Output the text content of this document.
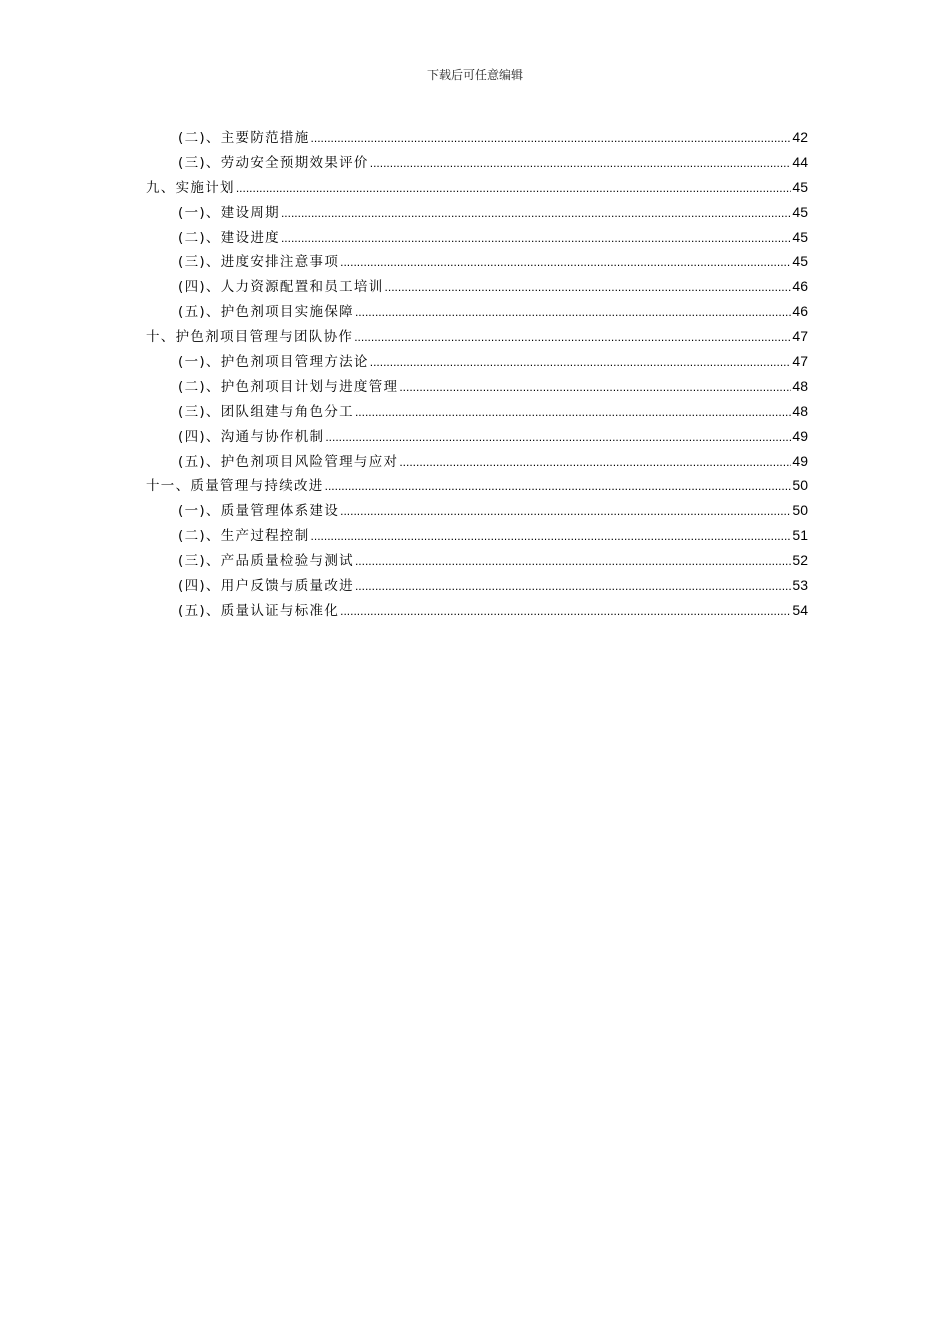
下载后可任意编辑
(二)、主要防范措施 .....	42
(三)、劳动安全预期效果评价 .....	44
九、实施计划 .....	45
(一)、建设周期 .....	45
(二)、建设进度 .....	45
(三)、进度安排注意事项 .....	45
(四)、人力资源配置和员工培训 .....	46
(五)、护色剂项目实施保障 .....	46
十、护色剂项目管理与团队协作 .....	47
(一)、护色剂项目管理方法论 .....	47
(二)、护色剂项目计划与进度管理 .....	48
(三)、团队组建与角色分工 .....	48
(四)、沟通与协作机制 .....	49
(五)、护色剂项目风险管理与应对 .....	49
十一、质量管理与持续改进 .....	50
(一)、质量管理体系建设 .....	50
(二)、生产过程控制 .....	51
(三)、产品质量检验与测试 .....	52
(四)、用户反馈与质量改进 .....	53
(五)、质量认证与标准化 .....	54
